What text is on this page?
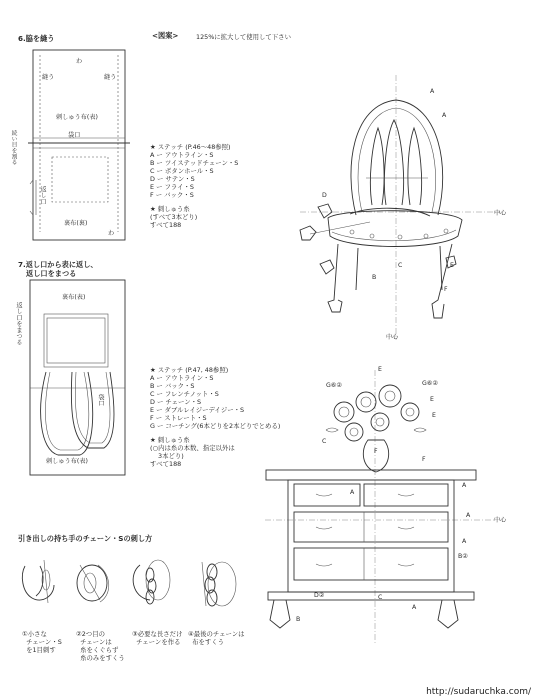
<図案>	125%に拡大して使用して下さい
6.脇を縫う
わ
縫う	縫う
刺しゅう布(表)
袋口
続い目を割る
返し口
裏布(裏)
わ
7.返し口から表に返し、
返し口をまつる
裏布(表)
返し口をまつる
袋口
刺しゅう布(表)
引き出しの持ち手のチェーン・Sの刺し方
①小さな
チェーン・S
を1目刺す
②2つ目の
チェーンは
糸をくぐらず
糸のみをすくう
③必要な長さだけ
チェーンを作る
④最後のチェーンは
布をすくう
★ ステッチ (P.46〜48参照)
A ー アウトライン・S
B ー ツイステッドチェーン・S
C ー ボタンホール・S
D ー サテン・S
E ー フライ・S
F ー バック・S
★ 刺しゅう糸
(すべて3本どり)
すべて188
A
A
D
B
C	E
F
中心
中心
★ ステッチ (P.47, 48参照)
A ー アウトライン・S
B ー バック・S
C ー フレンチノット・S
D ー チェーン・S
E ー ダブルレイジーデイジー・S
F ー ストレート・S
G ー コーチング(6本どりを2本どりでとめる)
★ 刺しゅう糸
(○内は糸の本数、指定以外は
3本どり)
すべて188
G⑥②	G⑥②
E
E
E
C
F
F
A
A
A
A
B②
D②	C
B
A
中心
http://sudaruchka.com/
